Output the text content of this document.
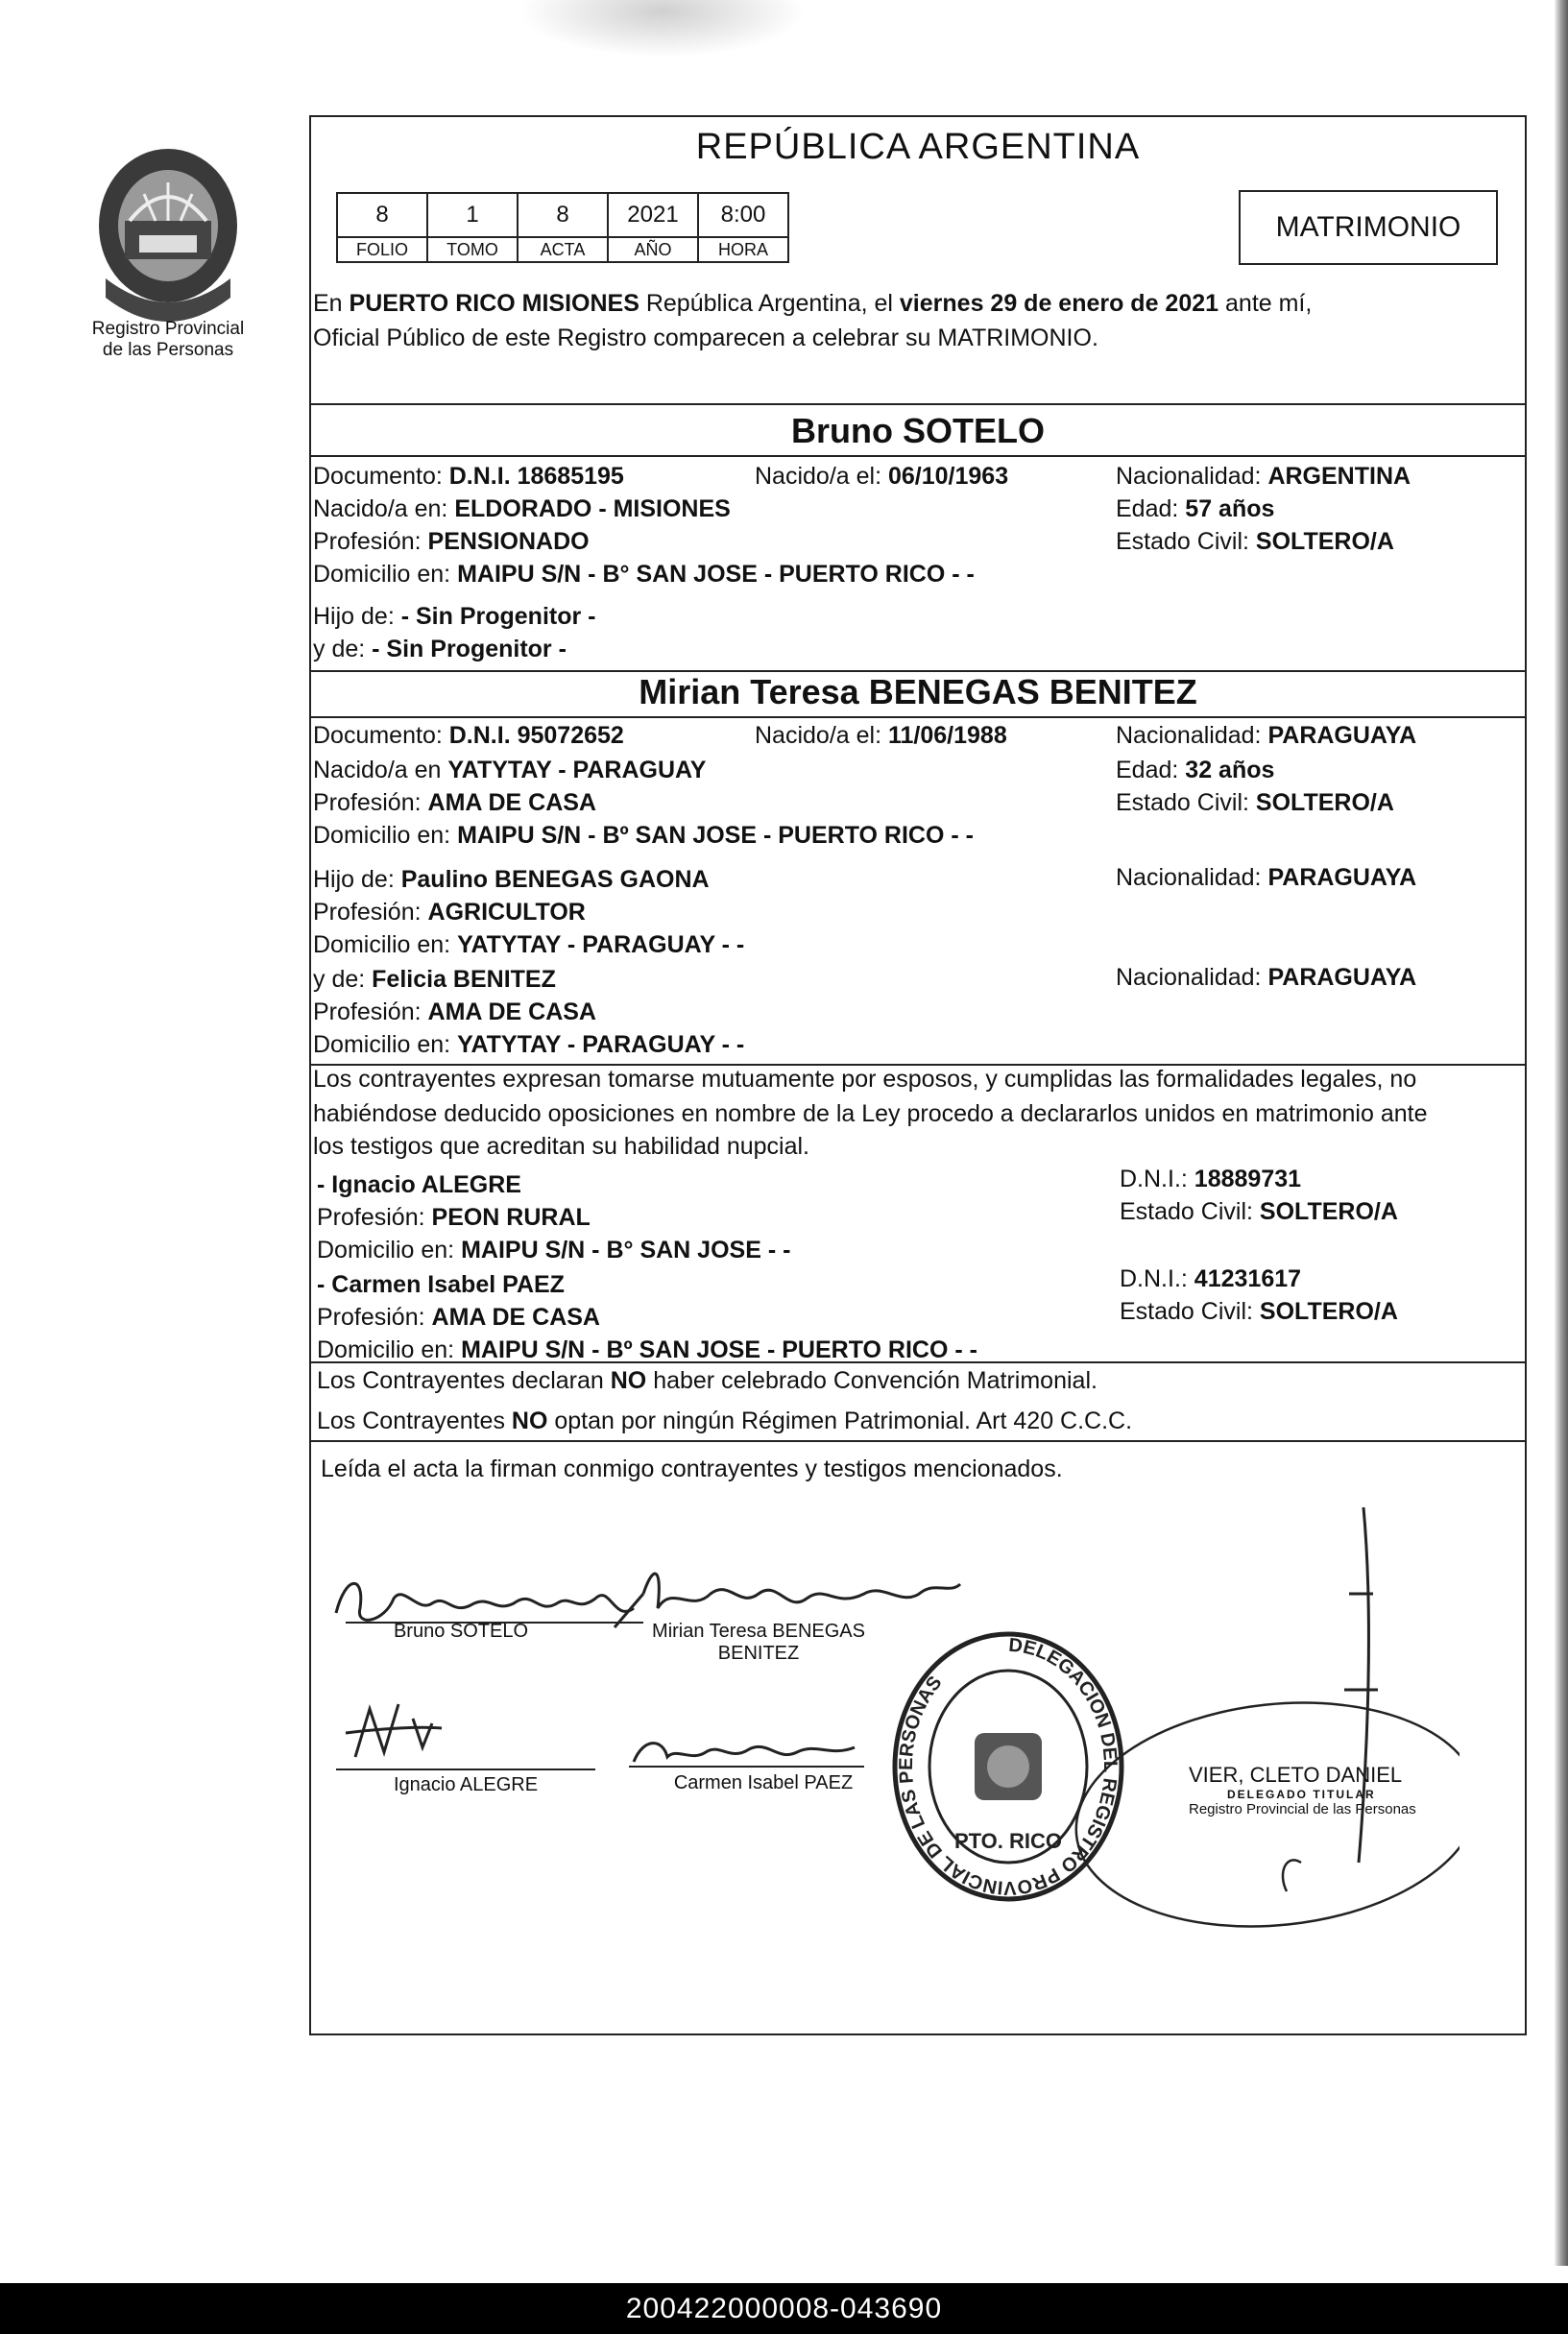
Registro Provincial
de las Personas
REPÚBLICA ARGENTINA
8	1	8	2021	8:00
FOLIO	TOMO	ACTA	AÑO	HORA
MATRIMONIO
En PUERTO RICO MISIONES República Argentina, el viernes 29 de enero de 2021 ante mí,
Oficial Público de este Registro comparecen a celebrar su MATRIMONIO.
Bruno SOTELO
Documento: D.N.I. 18685195	Nacido/a el: 06/10/1963	Nacionalidad: ARGENTINA
Nacido/a en: ELDORADO - MISIONES	Edad: 57 años
Profesión: PENSIONADO	Estado Civil: SOLTERO/A
Domicilio en: MAIPU S/N - B° SAN JOSE - PUERTO RICO - -
Hijo de: - Sin Progenitor -
y de: - Sin Progenitor -
Mirian Teresa BENEGAS BENITEZ
Documento: D.N.I. 95072652	Nacido/a el: 11/06/1988	Nacionalidad: PARAGUAYA
Nacido/a en YATYTAY - PARAGUAY	Edad: 32 años
Profesión: AMA DE CASA	Estado Civil: SOLTERO/A
Domicilio en: MAIPU S/N - Bº SAN JOSE - PUERTO RICO - -
Hijo de: Paulino BENEGAS GAONA	Nacionalidad: PARAGUAYA
Profesión: AGRICULTOR
Domicilio en: YATYTAY - PARAGUAY - -
y de: Felicia BENITEZ	Nacionalidad: PARAGUAYA
Profesión: AMA DE CASA
Domicilio en: YATYTAY - PARAGUAY - -
Los contrayentes expresan tomarse mutuamente por esposos, y cumplidas las formalidades legales, no
habiéndose deducido oposiciones en nombre de la Ley procedo a declararlos unidos en matrimonio ante
los testigos que acreditan su habilidad nupcial.
- Ignacio ALEGRE	D.N.I.: 18889731
Profesión: PEON RURAL	Estado Civil: SOLTERO/A
Domicilio en: MAIPU S/N - B° SAN JOSE - -
- Carmen Isabel PAEZ	D.N.I.: 41231617
Profesión: AMA DE CASA	Estado Civil: SOLTERO/A
Domicilio en: MAIPU S/N - Bº SAN JOSE - PUERTO RICO - -
Los Contrayentes declaran NO haber celebrado Convención Matrimonial.
Los Contrayentes NO optan por ningún Régimen Patrimonial. Art 420 C.C.C.
Leída el acta la firman conmigo contrayentes y testigos mencionados.
Bruno SOTELO	Mirian Teresa BENEGAS
BENITEZ
Ignacio ALEGRE	Carmen Isabel PAEZ
DELEGACION DEL REGISTRO PROVINCIAL DE LAS PERSONAS
PTO. RICO
VIER, CLETO DANIEL
DELEGADO TITULAR
Registro Provincial de las Personas
200422000008-043690
